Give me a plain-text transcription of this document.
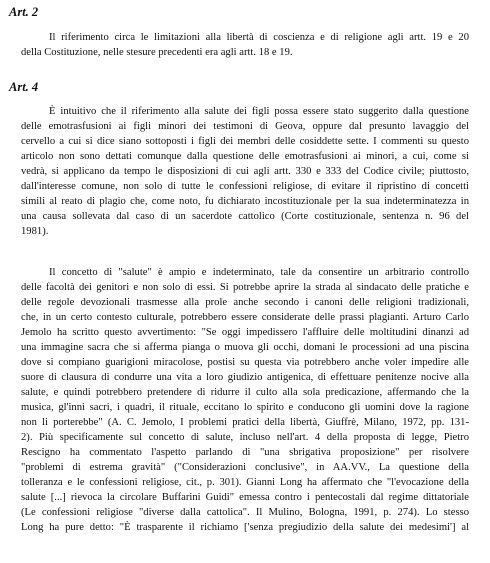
Art. 2
Il riferimento circa le limitazioni alla libertà di coscienza e di religione agli artt. 19 e 20
della Costituzione, nelle stesure precedenti era agli artt. 18 e 19.
Art. 4
È intuitivo che il riferimento alla salute dei figli possa essere stato suggerito dalla questione
delle emotrasfusioni ai figli minori dei testimoni di Geova, oppure dal presunto lavaggio del
cervello a cui si dice siano sottoposti i figli dei membri delle cosiddette sette. I commenti su questo
articolo non sono dettati comunque dalla questione delle emotrasfusioni ai minori, a cui, come si
vedrà, si applicano da tempo le disposizioni di cui agli artt. 330 e 333 del Codice civile; piuttosto,
dall'interesse comune, non solo di tutte le confessioni religiose, di evitare il ripristino di concetti
simili al reato di plagio che, come noto, fu dichiarato incostituzionale per la sua indeterminatezza in
una causa sollevata dal caso di un sacerdote cattolico (Corte costituzionale, sentenza n. 96 del
1981).
Il concetto di "salute" è ampio e indeterminato, tale da consentire un arbitrario controllo
delle facoltà dei genitori e non solo di essi. Si potrebbe aprire la strada al sindacato delle pratiche e
delle regole devozionali trasmesse alla prole anche secondo i canoni delle religioni tradizionali,
che, in un certo contesto culturale, potrebbero essere considerate delle prassi plagianti. Arturo Carlo
Jemolo ha scritto questo avvertimento: "Se oggi impedissero l'affluire delle moltitudini dinanzi ad
una immagine sacra che si afferma pianga o muova gli occhi, domani le processioni ad una piscina
dove si compiano guarigioni miracolose, postisi su questa via potrebbero anche voler impedire alle
suore di clausura di condurre una vita a loro giudizio antigenica, di effettuare penitenze nocive alla
salute, e quindi potrebbero pretendere di ridurre il culto alla sola predicazione, affermando che la
musica, gl'inni sacri, i quadri, il rituale, eccitano lo spirito e conducono gli uomini dove la ragione
non li porterebbe" (A. C. Jemolo, I problemi pratici della libertà, Giuffrè, Milano, 1972, pp. 131-
2). Più specificamente sul concetto di salute, incluso nell'art. 4 della proposta di legge, Pietro
Rescigno ha commentato l'aspetto parlando di "una sbrigativa proposizione" per risolvere
"problemi di estrema gravità" ("Considerazioni conclusive", in AA.VV., La questione della
tolleranza e le confessioni religiose, cit., p. 301). Gianni Long ha affermato che "l'evocazione della
salute [...] rievoca la circolare Buffarini Guidi" emessa contro i pentecostali dal regime dittatoriale
(Le confessioni religiose "diverse dalla cattolica". Il Mulino, Bologna, 1991, p. 274). Lo stesso
Long ha pure detto: "È trasparente il richiamo ['senza pregiudizio della salute dei medesimi'] al
